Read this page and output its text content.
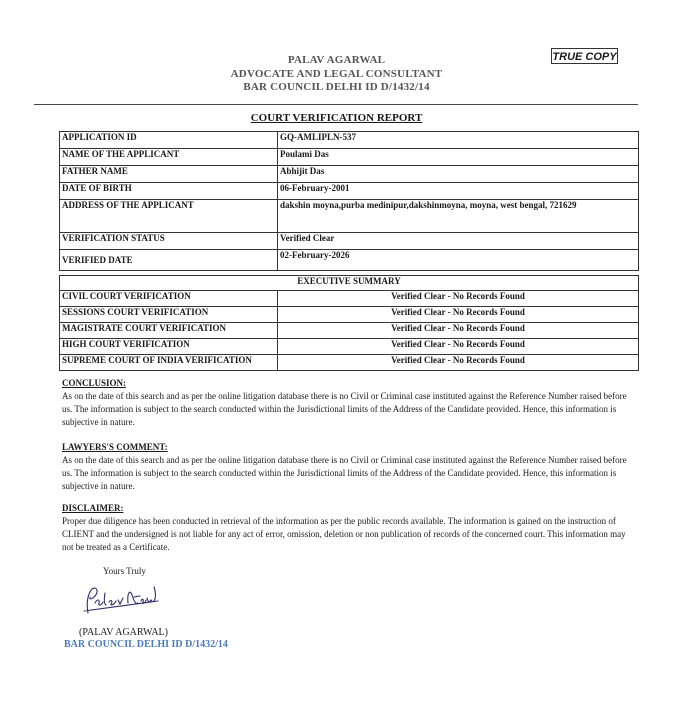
PALAV AGARWAL
ADVOCATE AND LEGAL CONSULTANT
BAR COUNCIL DELHI ID D/1432/14
TRUE COPY
COURT VERIFICATION REPORT
APPLICATION ID	GQ-AMLIPLN-537
NAME OF THE APPLICANT	Poulami Das
FATHER NAME	Abhijit Das
DATE OF BIRTH	06-February-2001
ADDRESS OF THE APPLICANT	dakshin moyna,purba medinipur,dakshinmoyna, moyna, west bengal, 721629
VERIFICATION STATUS	Verified Clear
VERIFIED DATE	02-February-2026
EXECUTIVE SUMMARY	
CIVIL COURT VERIFICATION	Verified Clear - No Records Found
SESSIONS COURT VERIFICATION	Verified Clear - No Records Found
MAGISTRATE COURT VERIFICATION	Verified Clear - No Records Found
HIGH COURT VERIFICATION	Verified Clear - No Records Found
SUPREME COURT OF INDIA VERIFICATION	Verified Clear - No Records Found
CONCLUSION:
As on the date of this search and as per the online litigation database there is no Civil or Criminal case instituted against the Reference Number raised before us. The information is subject to the search conducted within the Jurisdictional limits of the Address of the Candidate provided. Hence, this information is subjective in nature.
LAWYERS'S COMMENT:
As on the date of this search and as per the online litigation database there is no Civil or Criminal case instituted against the Reference Number raised before us. The information is subject to the search conducted within the Jurisdictional limits of the Address of the Candidate provided. Hence, this information is subjective in nature.
DISCLAIMER:
Proper due diligence has been conducted in retrieval of the information as per the public records available. The information is gained on the instruction of CLIENT and the undersigned is not liable for any act of error, omission, deletion or non publication of records of the concerned court. This information may not be treated as a Certificate.
Yours Truly
(PALAV AGARWAL)
BAR COUNCIL DELHI ID D/1432/14
